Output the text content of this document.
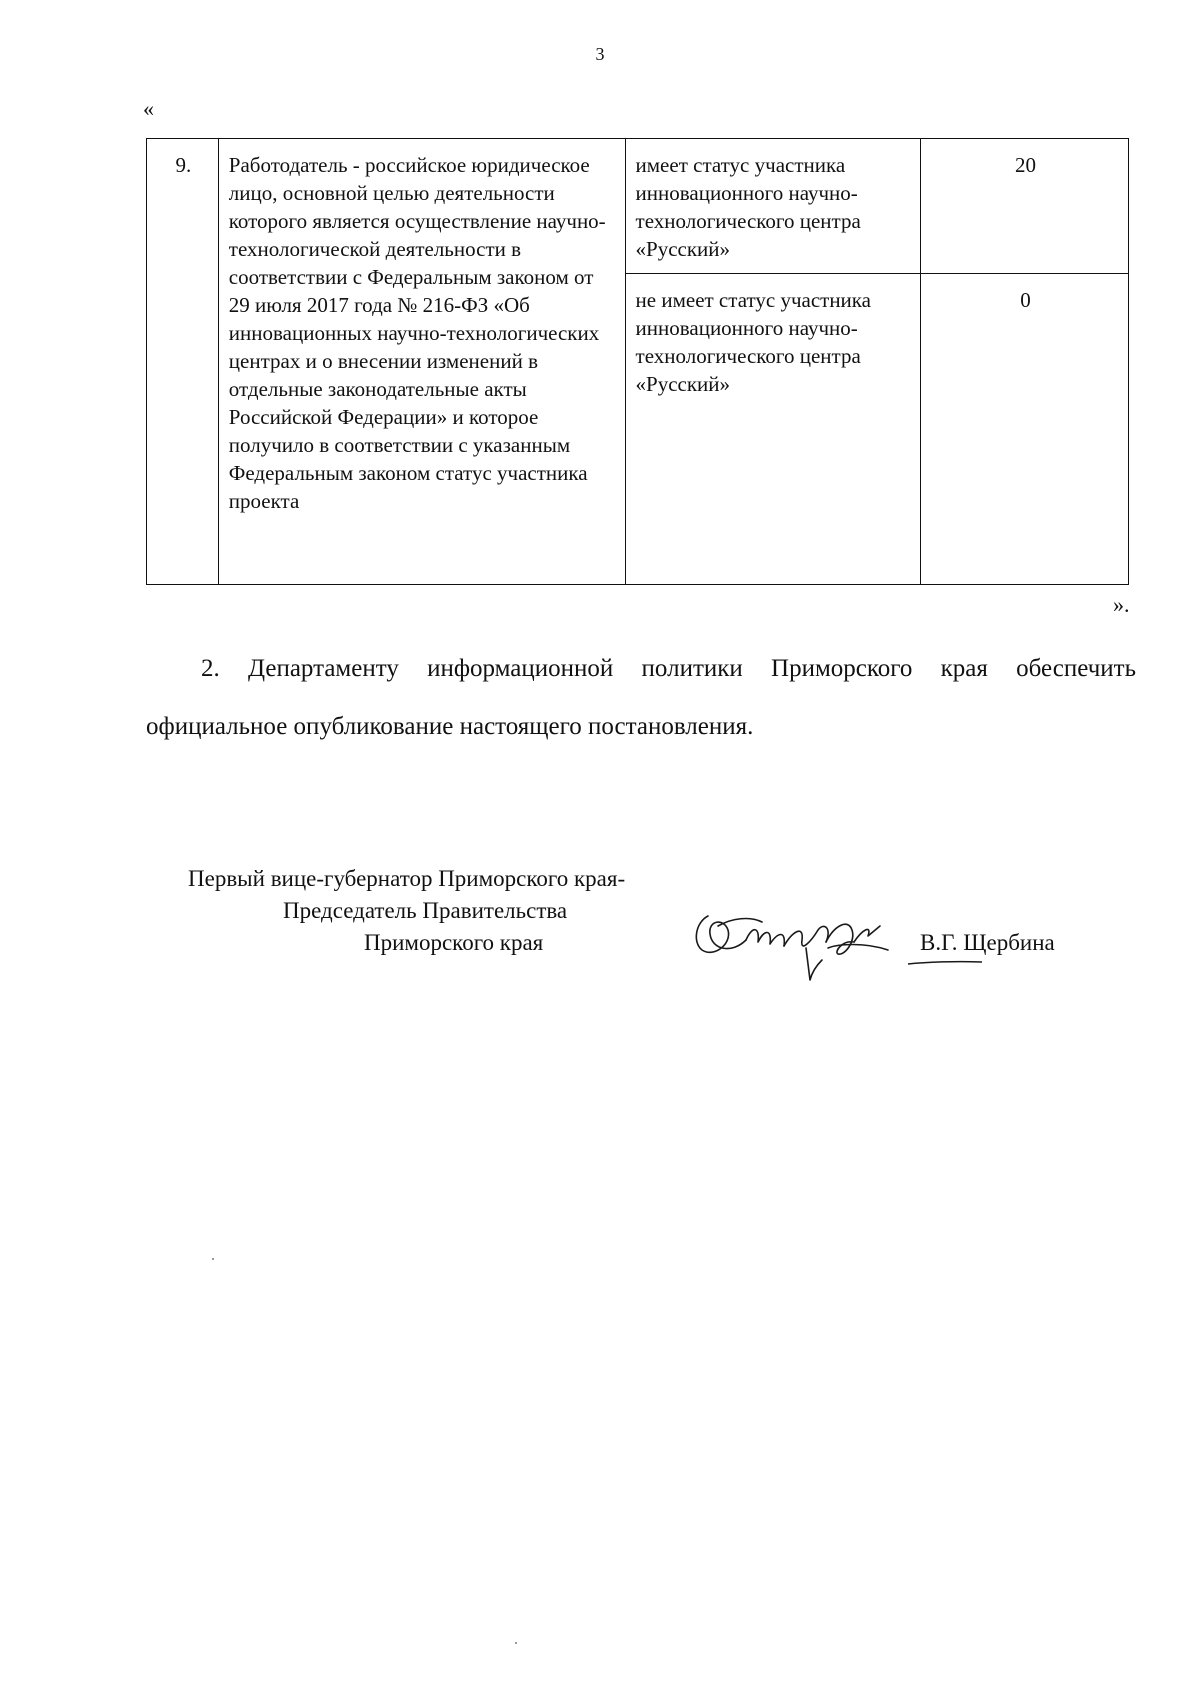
3
«
9.	Работодатель - российское юридическое лицо, основной целью деятельности которого является осуществление научно-технологической деятельности в соответствии с Федеральным законом от 29 июля 2017 года № 216-ФЗ «Об инновационных научно-технологических центрах и о внесении изменений в отдельные законодательные акты Российской Федерации» и которое получило в соответствии с указанным Федеральным законом статус участника проекта	имеет статус участника инновационного научно-технологического центра «Русский»	20
		не имеет статус участника инновационного научно-технологического центра «Русский»	0
».
2. Департаменту информационной политики Приморского края обеспечить официальное опубликование настоящего постановления.
Первый вице-губернатор Приморского края-
Председатель Правительства
Приморского края	В.Г. Щербина
